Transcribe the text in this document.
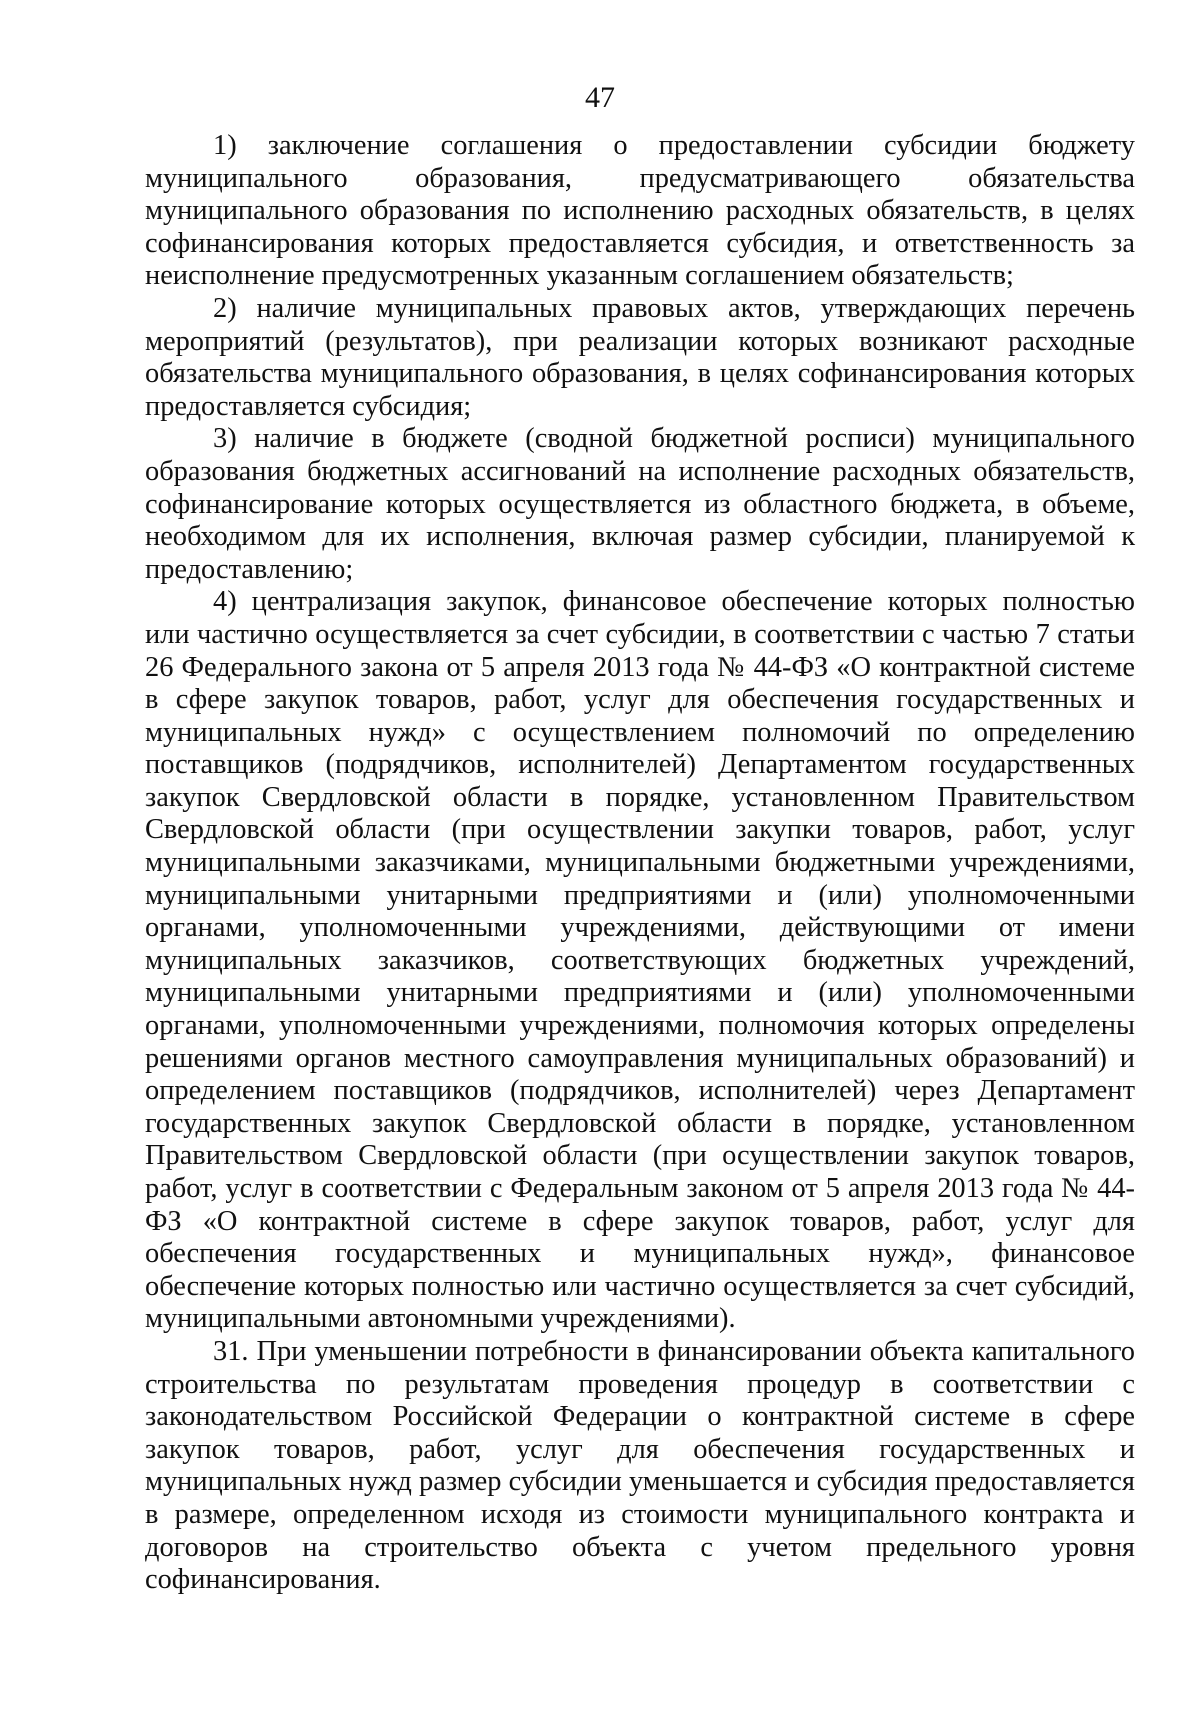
47

1) заключение соглашения о предоставлении субсидии бюджету муниципального образования, предусматривающего обязательства муниципального образования по исполнению расходных обязательств, в целях софинансирования которых предоставляется субсидия, и ответственность за неисполнение предусмотренных указанным соглашением обязательств;

2) наличие муниципальных правовых актов, утверждающих перечень мероприятий (результатов), при реализации которых возникают расходные обязательства муниципального образования, в целях софинансирования которых предоставляется субсидия;

3) наличие в бюджете (сводной бюджетной росписи) муниципального образования бюджетных ассигнований на исполнение расходных обязательств, софинансирование которых осуществляется из областного бюджета, в объеме, необходимом для их исполнения, включая размер субсидии, планируемой к предоставлению;

4) централизация закупок, финансовое обеспечение которых полностью или частично осуществляется за счет субсидии, в соответствии с частью 7 статьи 26 Федерального закона от 5 апреля 2013 года № 44-ФЗ «О контрактной системе в сфере закупок товаров, работ, услуг для обеспечения государственных и муниципальных нужд» с осуществлением полномочий по определению поставщиков (подрядчиков, исполнителей) Департаментом государственных закупок Свердловской области в порядке, установленном Правительством Свердловской области (при осуществлении закупки товаров, работ, услуг муниципальными заказчиками, муниципальными бюджетными учреждениями, муниципальными унитарными предприятиями и (или) уполномоченными органами, уполномоченными учреждениями, действующими от имени муниципальных заказчиков, соответствующих бюджетных учреждений, муниципальными унитарными предприятиями и (или) уполномоченными органами, уполномоченными учреждениями, полномочия которых определены решениями органов местного самоуправления муниципальных образований) и определением поставщиков (подрядчиков, исполнителей) через Департамент государственных закупок Свердловской области в порядке, установленном Правительством Свердловской области (при осуществлении закупок товаров, работ, услуг в соответствии с Федеральным законом от 5 апреля 2013 года № 44-ФЗ «О контрактной системе в сфере закупок товаров, работ, услуг для обеспечения государственных и муниципальных нужд», финансовое обеспечение которых полностью или частично осуществляется за счет субсидий, муниципальными автономными учреждениями).

31. При уменьшении потребности в финансировании объекта капитального строительства по результатам проведения процедур в соответствии с законодательством Российской Федерации о контрактной системе в сфере закупок товаров, работ, услуг для обеспечения государственных и муниципальных нужд размер субсидии уменьшается и субсидия предоставляется в размере, определенном исходя из стоимости муниципального контракта и договоров на строительство объекта с учетом предельного уровня софинансирования.
